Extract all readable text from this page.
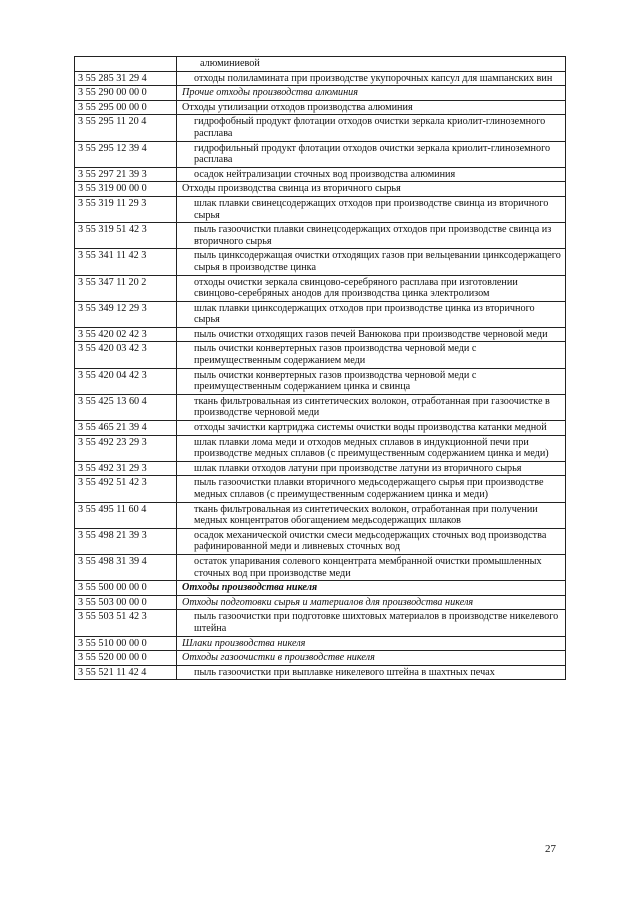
	алюминиевой

3 55 285 31 29 4	отходы полиламината при производстве укупорочных капсул для шампанских вин

3 55 290 00 00 0	Прочие отходы производства алюминия

3 55 295 00 00 0	Отходы утилизации отходов производства алюминия

3 55 295 11 20 4	гидрофобный продукт флотации отходов очистки зеркала криолит-глиноземного расплава

3 55 295 12 39 4	гидрофильный продукт флотации отходов очистки зеркала криолит-глиноземного расплава

3 55 297 21 39 3	осадок нейтрализации сточных вод производства алюминия

3 55 319 00 00 0	Отходы производства свинца из вторичного сырья

3 55 319 11 29 3	шлак плавки свинецсодержащих отходов при производстве свинца из вторичного сырья

3 55 319 51 42 3	пыль газоочистки плавки свинецсодержащих отходов при производстве свинца из вторичного сырья

3 55 341 11 42 3	пыль цинксодержащая очистки отходящих газов при вельцевании цинксодержащего сырья в производстве цинка

3 55 347 11 20 2	отходы очистки зеркала свинцово-серебряного расплава при изготовлении свинцово-серебряных анодов для производства цинка электролизом

3 55 349 12 29 3	шлак плавки цинксодержащих отходов при производстве цинка из вторичного сырья

3 55 420 02 42 3	пыль очистки отходящих газов печей Ванюкова при производстве черновой меди

3 55 420 03 42 3	пыль очистки конвертерных газов производства черновой меди с преимущественным содержанием меди

3 55 420 04 42 3	пыль очистки конвертерных газов производства черновой меди с преимущественным содержанием цинка и свинца

3 55 425 13 60 4	ткань фильтровальная из синтетических волокон, отработанная при газоочистке в производстве черновой меди

3 55 465 21 39 4	отходы зачистки картриджа системы очистки воды производства катанки медной

3 55 492 23 29 3	шлак плавки лома меди и отходов медных сплавов в индукционной печи при производстве медных сплавов (с преимущественным содержанием цинка и меди)

3 55 492 31 29 3	шлак плавки отходов латуни при производстве латуни из вторичного сырья

3 55 492 51 42 3	пыль газоочистки плавки вторичного медьсодержащего сырья при производстве медных сплавов (с преимущественным содержанием цинка и меди)

3 55 495 11 60 4	ткань фильтровальная из синтетических волокон, отработанная при получении медных концентратов обогащением медьсодержащих шлаков

3 55 498 21 39 3	осадок механической очистки смеси медьсодержащих сточных вод производства рафинированной меди и ливневых сточных вод

3 55 498 31 39 4	остаток упаривания солевого концентрата мембранной очистки промышленных сточных вод при производстве меди

3 55 500 00 00 0	Отходы производства никеля

3 55 503 00 00 0	Отходы подготовки сырья и материалов для производства никеля

3 55 503 51 42 3	пыль газоочистки при подготовке шихтовых материалов в производстве никелевого штейна

3 55 510 00 00 0	Шлаки производства никеля

3 55 520 00 00 0	Отходы газоочистки в производстве никеля

3 55 521 11 42 4	пыль газоочистки при выплавке никелевого штейна в шахтных печах
27
